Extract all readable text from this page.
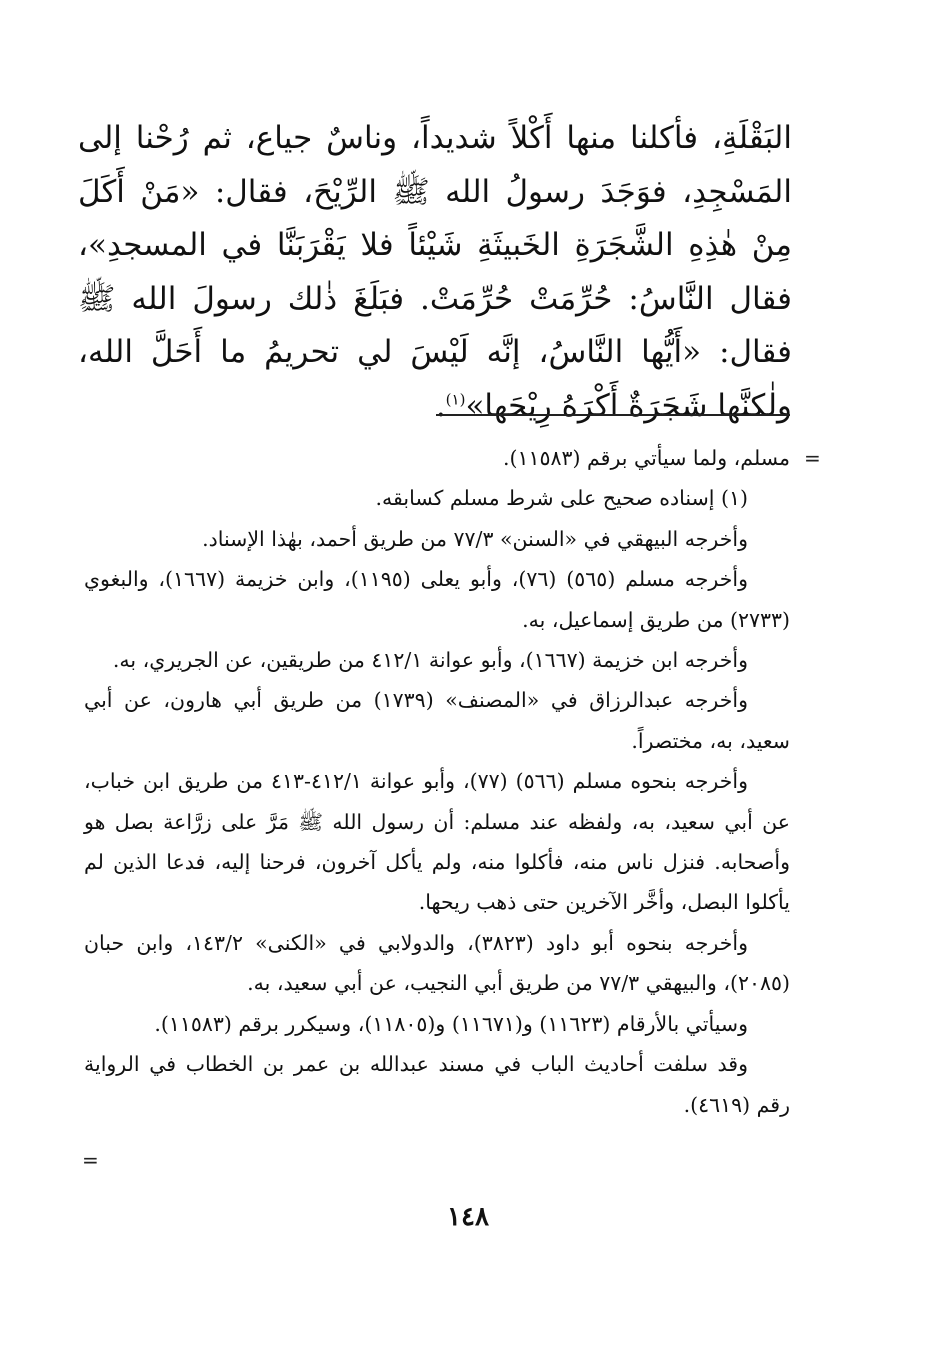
البَقْلَةِ، فأكلنا منها أَكْلاً شديداً، وناسٌ جياع، ثم رُحْنا إلى المَسْجِدِ، فوَجَدَ رسولُ الله ﷺ الرِّيْحَ، فقال: «مَنْ أَكَلَ مِنْ هٰذِهِ الشَّجَرَةِ الخَبيثَةِ شَيْئاً فلا يَقْرَبَنَّا في المسجدِ»، فقال النَّاسُ: حُرِّمَتْ حُرِّمَتْ. فبَلَغَ ذٰلك رسولَ الله ﷺ فقال: «أَيُّها النَّاسُ، إنَّه لَيْسَ لي تحريمُ ما أَحَلَّ الله، ولٰكنَّها شَجَرَةٌ أَكْرَهُ رِيْحَها»$^{(١)}$.
=

مسلم، ولما سيأتي برقم (١١٥٨٣).

(١) إسناده صحيح على شرط مسلم كسابقه.

وأخرجه البيهقي في «السنن» ٧٧/٣ من طريق أحمد، بهٰذا الإسناد.

وأخرجه مسلم (٥٦٥) (٧٦)، وأبو يعلى (١١٩٥)، وابن خزيمة (١٦٦٧)، والبغوي (٢٧٣٣) من طريق إسماعيل، به.

وأخرجه ابن خزيمة (١٦٦٧)، وأبو عوانة ٤١٢/١ من طريقين، عن الجريري، به.

وأخرجه عبدالرزاق في «المصنف» (١٧٣٩) من طريق أبي هارون، عن أبي سعيد، به، مختصراً.

وأخرجه بنحوه مسلم (٥٦٦) (٧٧)، وأبو عوانة ٤١٢/١-٤١٣ من طريق ابن خباب، عن أبي سعيد، به، ولفظه عند مسلم: أن رسول الله ﷺ مَرَّ على زرَّاعة بصل هو وأصحابه. فنزل ناس منه، فأكلوا منه، ولم يأكل آخرون، فرحنا إليه، فدعا الذين لم يأكلوا البصل، وأخَّر الآخرين حتى ذهب ريحها.

وأخرجه بنحوه أبو داود (٣٨٢٣)، والدولابي في «الكنى» ١٤٣/٢، وابن حبان (٢٠٨٥)، والبيهقي ٧٧/٣ من طريق أبي النجيب، عن أبي سعيد، به.

وسيأتي بالأرقام (١١٦٢٣) و(١١٦٧١) و(١١٨٠٥)، وسيكرر برقم (١١٥٨٣).

وقد سلفت أحاديث الباب في مسند عبدالله بن عمر بن الخطاب في الرواية رقم (٤٦١٩).

=
١٤٨
